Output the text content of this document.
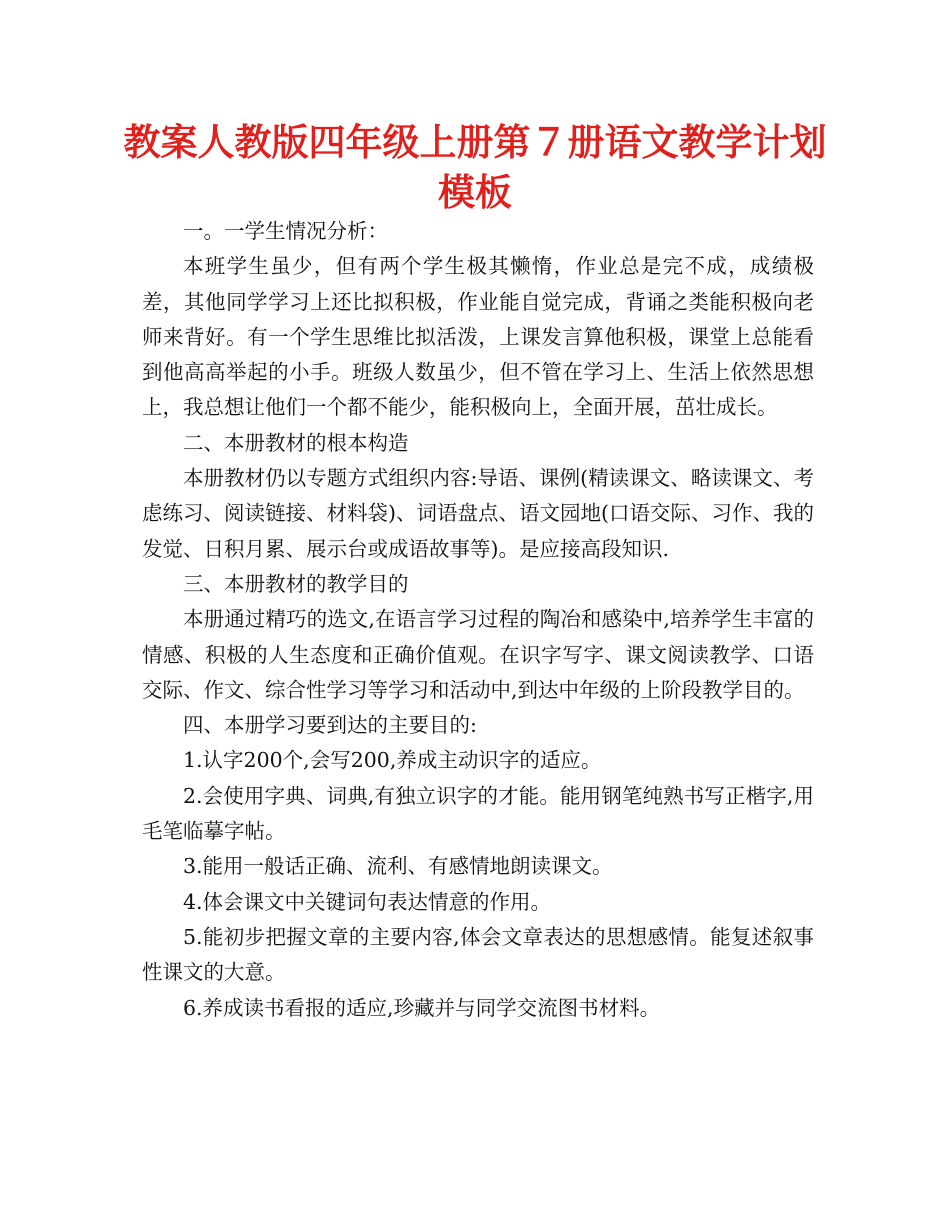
教案人教版四年级上册第７册语文教学计划模板

一。一学生情况分析：

本班学生虽少，但有两个学生极其懒惰，作业总是完不成，成绩极差，其他同学学习上还比拟积极，作业能自觉完成，背诵之类能积极向老师来背好。有一个学生思维比拟活泼，上课发言算他积极，课堂上总能看到他高高举起的小手。班级人数虽少，但不管在学习上、生活上依然思想上，我总想让他们一个都不能少，能积极向上，全面开展，茁壮成长。

二、本册教材的根本构造

本册教材仍以专题方式组织内容:导语、课例(精读课文、略读课文、考虑练习、阅读链接、材料袋)、词语盘点、语文园地(口语交际、习作、我的发觉、日积月累、展示台或成语故事等)。是应接高段知识.

三、本册教材的教学目的

本册通过精巧的选文,在语言学习过程的陶冶和感染中,培养学生丰富的情感、积极的人生态度和正确价值观。在识字写字、课文阅读教学、口语交际、作文、综合性学习等学习和活动中,到达中年级的上阶段教学目的。

四、本册学习要到达的主要目的:

1.认字200个,会写200,养成主动识字的适应。

2.会使用字典、词典,有独立识字的才能。能用钢笔纯熟书写正楷字,用毛笔临摹字帖。

3.能用一般话正确、流利、有感情地朗读课文。

4.体会课文中关键词句表达情意的作用。

5.能初步把握文章的主要内容,体会文章表达的思想感情。能复述叙事性课文的大意。

6.养成读书看报的适应,珍藏并与同学交流图书材料。
